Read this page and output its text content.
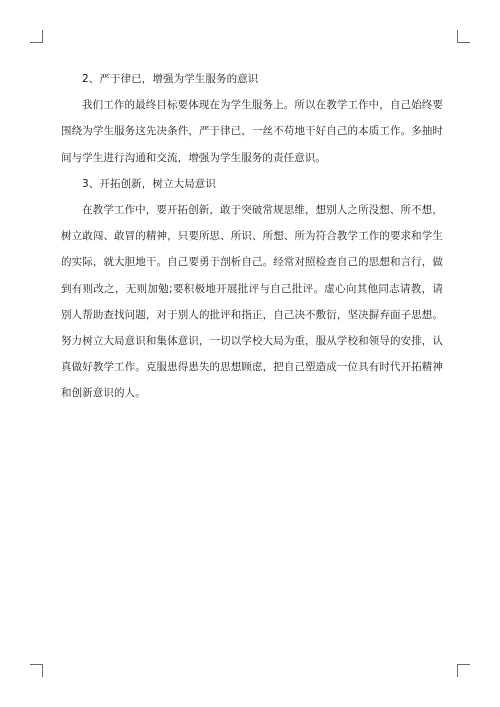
2、严于律已，增强为学生服务的意识

我们工作的最终目标要体现在为学生服务上。所以在教学工作中，自己始终要围绕为学生服务这先决条件，严于律已，一丝不苟地干好自己的本质工作。多抽时间与学生进行沟通和交流，增强为学生服务的责任意识。

3、开拓创新，树立大局意识

在教学工作中，要开拓创新，敢于突破常规思维，想别人之所没想、所不想，树立敢闯、敢冒的精神，只要所思、所识、所想、所为符合教学工作的要求和学生的实际，就大胆地干。自己要勇于剖析自己。经常对照检查自己的思想和言行，做到有则改之，无则加勉;要积极地开展批评与自己批评。虚心向其他同志请教，请别人帮助查找问题，对于别人的批评和指正，自己决不敷衍，坚决摒弃面子思想。努力树立大局意识和集体意识，一切以学校大局为重，服从学校和领导的安排，认真做好教学工作。克服患得患失的思想顾虑，把自己塑造成一位具有时代开拓精神和创新意识的人。
